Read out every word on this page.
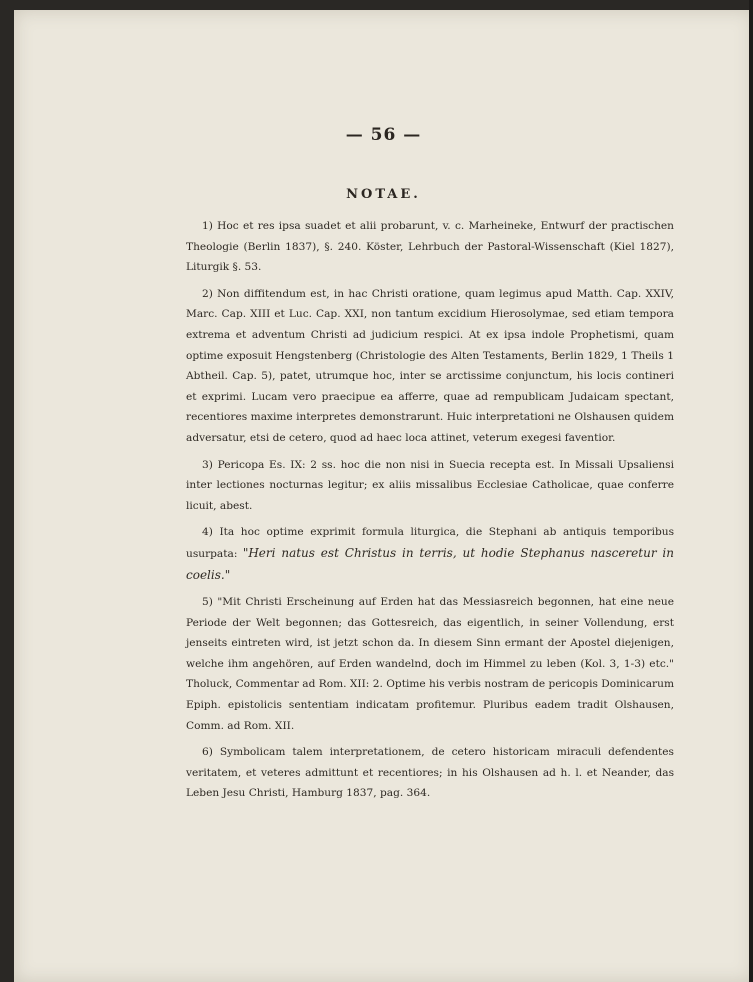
— 56 —
NOTAE.

1) Hoc et res ipsa suadet et alii probarunt, v. c. Marheineke, Entwurf der practischen Theologie (Berlin 1837), §. 240. Köster, Lehrbuch der Pastoral-Wissenschaft (Kiel 1827), Liturgik §. 53.

2) Non diffitendum est, in hac Christi oratione, quam legimus apud Matth. Cap. XXIV, Marc. Cap. XIII et Luc. Cap. XXI, non tantum excidium Hierosolymae, sed etiam tempora extrema et adventum Christi ad judicium respici. At ex ipsa indole Prophetismi, quam optime exposuit Hengstenberg (Christologie des Alten Testaments, Berlin 1829, 1 Theils 1 Abtheil. Cap. 5), patet, utrumque hoc, inter se arctissime conjunctum, his locis contineri et exprimi. Lucam vero praecipue ea afferre, quae ad rempublicam Judaicam spectant, recentiores maxime interpretes demonstrarunt. Huic interpretationi ne Olshausen quidem adversatur, etsi de cetero, quod ad haec loca attinet, veterum exegesi faventior.

3) Pericopa Es. IX: 2 ss. hoc die non nisi in Suecia recepta est. In Missali Upsaliensi inter lectiones nocturnas legitur; ex aliis missalibus Ecclesiae Catholicae, quae conferre licuit, abest.

4) Ita hoc optime exprimit formula liturgica, die Stephani ab antiquis temporibus usurpata: "Heri natus est Christus in terris, ut hodie Stephanus nasceretur in coelis."

5) "Mit Christi Erscheinung auf Erden hat das Messiasreich begonnen, hat eine neue Periode der Welt begonnen; das Gottesreich, das eigentlich, in seiner Vollendung, erst jenseits eintreten wird, ist jetzt schon da. In diesem Sinn ermant der Apostel diejenigen, welche ihm angehören, auf Erden wandelnd, doch im Himmel zu leben (Kol. 3, 1-3) etc." Tholuck, Commentar ad Rom. XII: 2. Optime his verbis nostram de pericopis Dominicarum Epiph. epistolicis sententiam indicatam profitemur. Pluribus eadem tradit Olshausen, Comm. ad Rom. XII.

6) Symbolicam talem interpretationem, de cetero historicam miraculi defendentes veritatem, et veteres admittunt et recentiores; in his Olshausen ad h. l. et Neander, das Leben Jesu Christi, Hamburg 1837, pag. 364.
